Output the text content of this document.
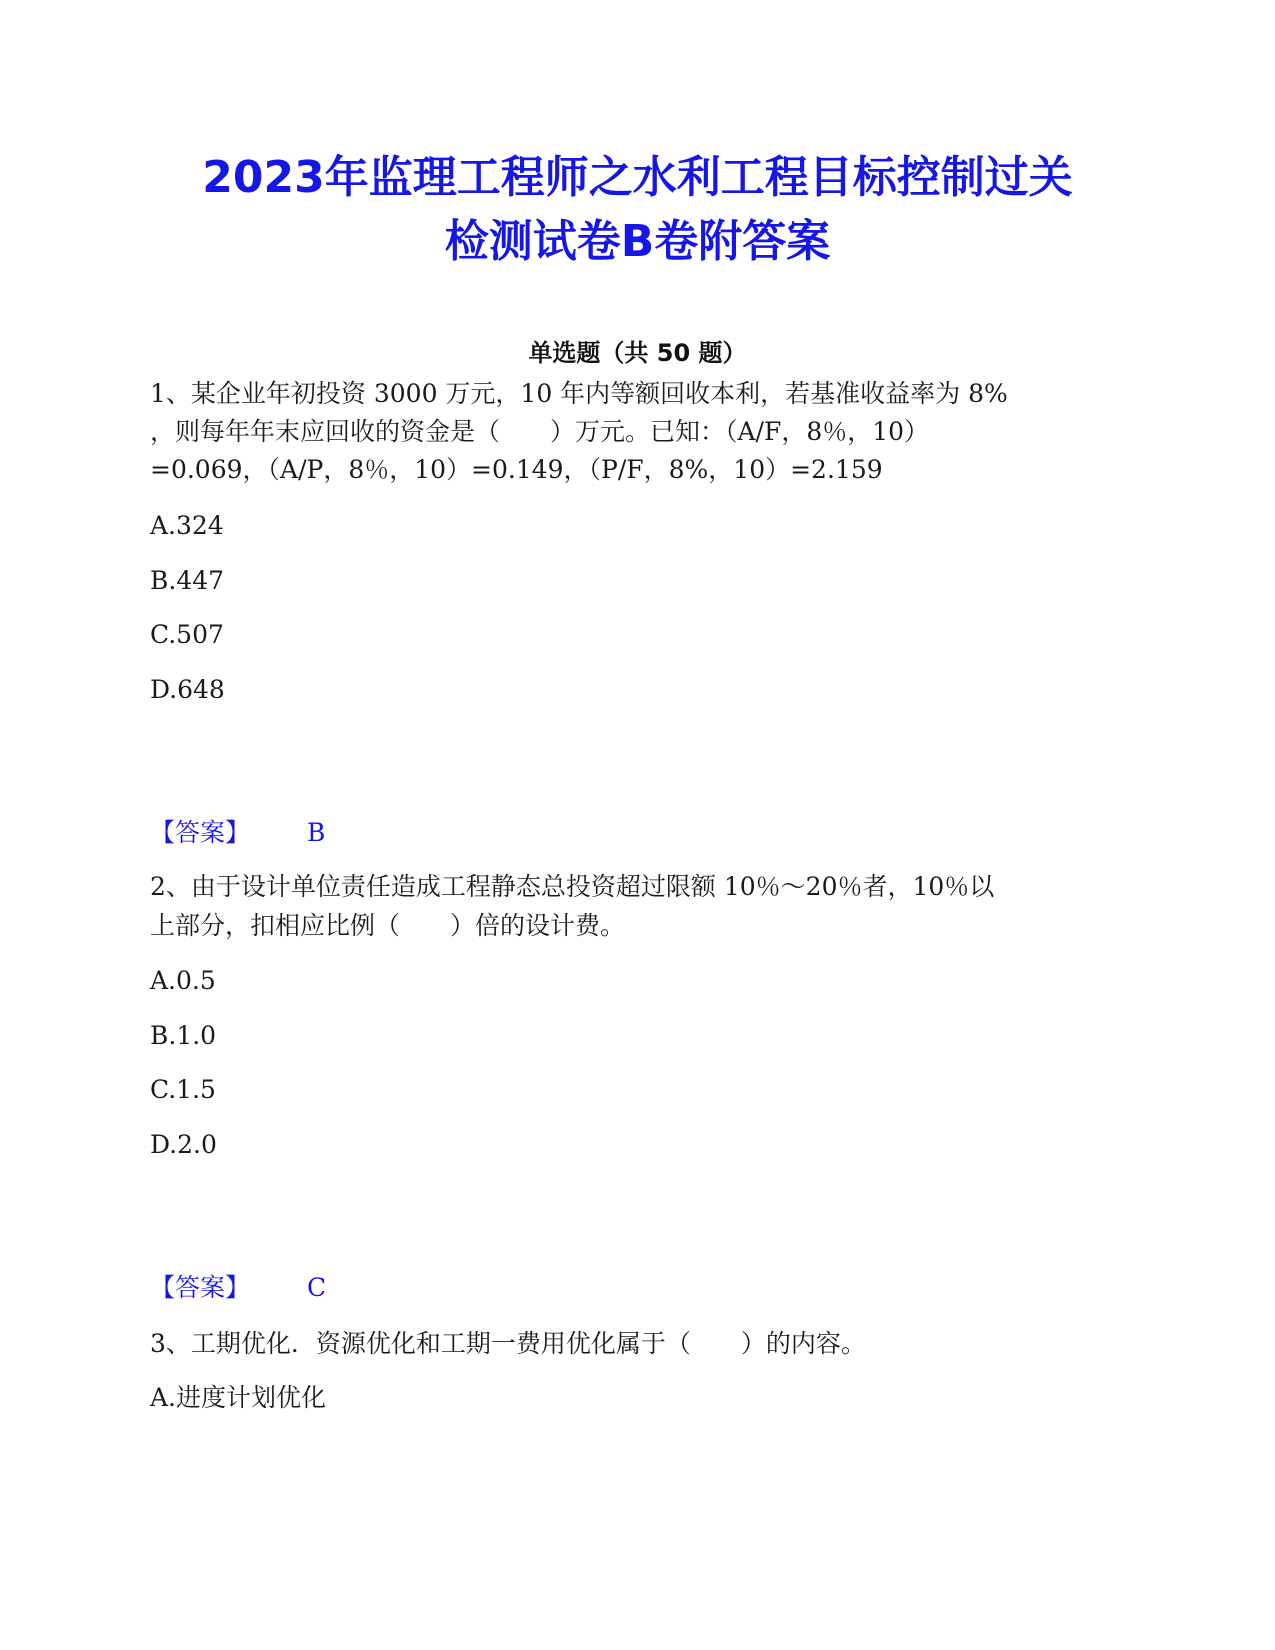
2023年监理工程师之水利工程目标控制过关
检测试卷B卷附答案
单选题（共 50 题）
1、某企业年初投资 3000 万元，10 年内等额回收本利，若基准收益率为 8%
，则每年年末应回收的资金是（　　）万元。已知：（A/F，8％，10）
=0.069，（A/P，8％，10）=0.149，（P/F，8%，10）=2.159
A.324
B.447
C.507
D.648
【答案】 B
2、由于设计单位责任造成工程静态总投资超过限额 10％～20％者，10％以
上部分，扣相应比例（　　）倍的设计费。
A.0.5
B.1.0
C.1.5
D.2.0
【答案】 C
3、工期优化．资源优化和工期一费用优化属于（　　）的内容。
A.进度计划优化
